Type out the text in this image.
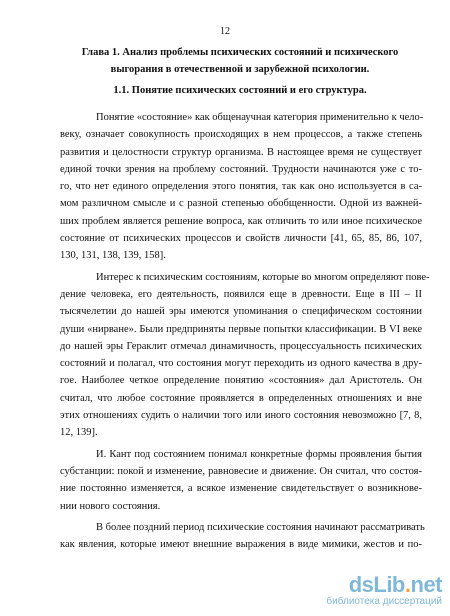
12
Глава 1. Анализ проблемы психических состояний и психического
выгорания в отечественной и зарубежной психологии.
1.1. Понятие психических состояний и его структура.
Понятие «состояние» как общенаучная категория применительно к чело-
веку, означает совокупность происходящих в нем процессов, а также степень
развития и целостности структур организма. В настоящее время не существует
единой точки зрения на проблему состояний. Трудности начинаются уже с то-
го, что нет единого определения этого понятия, так как оно используется в са-
мом различном смысле и с разной степенью обобщенности. Одной из важней-
ших проблем является решение вопроса, как отличить то или иное психическое
состояние от психических процессов и свойств личности [41, 65, 85, 86, 107,
130, 131, 138, 139, 158].
Интерес к психическим состояниям, которые во многом определяют пове-
дение человека, его деятельность, появился еще в древности. Еще в III – II
тысячелетии до нашей эры имеются упоминания о специфическом состоянии
души «нирване». Были предприняты первые попытки классификации. В VI веке
до нашей эры Гераклит отмечал динамичность, процессуальность психических
состояний и полагал, что состояния могут переходить из одного качества в дру-
гое. Наиболее четкое определение понятию «состояния» дал Аристотель. Он
считал, что любое состояние проявляется в определенных отношениях и вне
этих отношениях судить о наличии того или иного состояния невозможно [7, 8,
12, 139].
И. Кант под состоянием понимал конкретные формы проявления бытия
субстанции: покой и изменение, равновесие и движение. Он считал, что состоя-
ние постоянно изменяется, а всякое изменение свидетельствует о возникнове-
нии нового состояния.
В более поздний период психические состояния начинают рассматривать
как явления, которые имеют внешние выражения в виде мимики, жестов и по-
dsLib.net
библиотека диссертаций
